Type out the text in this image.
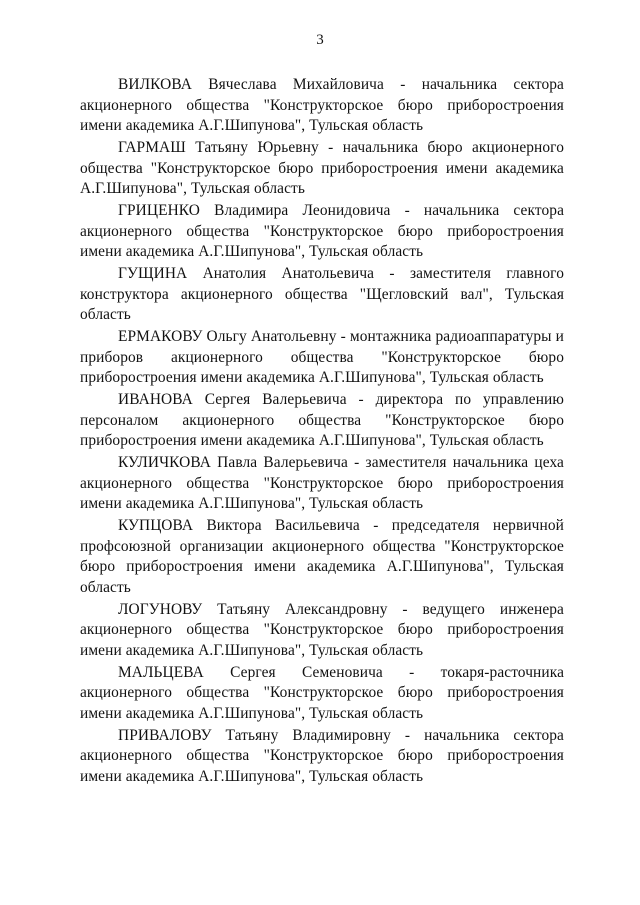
3

ВИЛКОВА Вячеслава Михайловича - начальника сектора акционерного общества "Конструкторское бюро приборостроения имени академика А.Г.Шипунова", Тульская область

ГАРМАШ Татьяну Юрьевну - начальника бюро акционерного общества "Конструкторское бюро приборостроения имени академика А.Г.Шипунова", Тульская область

ГРИЦЕНКО Владимира Леонидовича - начальника сектора акционерного общества "Конструкторское бюро приборостроения имени академика А.Г.Шипунова", Тульская область

ГУЩИНА Анатолия Анатольевича - заместителя главного конструктора акционерного общества "Щегловский вал", Тульская область

ЕРМАКОВУ Ольгу Анатольевну - монтажника радиоаппаратуры и приборов акционерного общества "Конструкторское бюро приборостроения имени академика А.Г.Шипунова", Тульская область

ИВАНОВА Сергея Валерьевича - директора по управлению персоналом акционерного общества "Конструкторское бюро приборостроения имени академика А.Г.Шипунова", Тульская область

КУЛИЧКОВА Павла Валерьевича - заместителя начальника цеха акционерного общества "Конструкторское бюро приборостроения имени академика А.Г.Шипунова", Тульская область

КУПЦОВА Виктора Васильевича - председателя нервичной профсоюзной организации акционерного общества "Конструкторское бюро приборостроения имени академика А.Г.Шипунова", Тульская область

ЛОГУНОВУ Татьяну Александровну - ведущего инженера акционерного общества "Конструкторское бюро приборостроения имени академика А.Г.Шипунова", Тульская область

МАЛЬЦЕВА Сергея Семеновича - токаря-расточника акционерного общества "Конструкторское бюро приборостроения имени академика А.Г.Шипунова", Тульская область

ПРИВАЛОВУ Татьяну Владимировну - начальника сектора акционерного общества "Конструкторское бюро приборостроения имени академика А.Г.Шипунова", Тульская область
